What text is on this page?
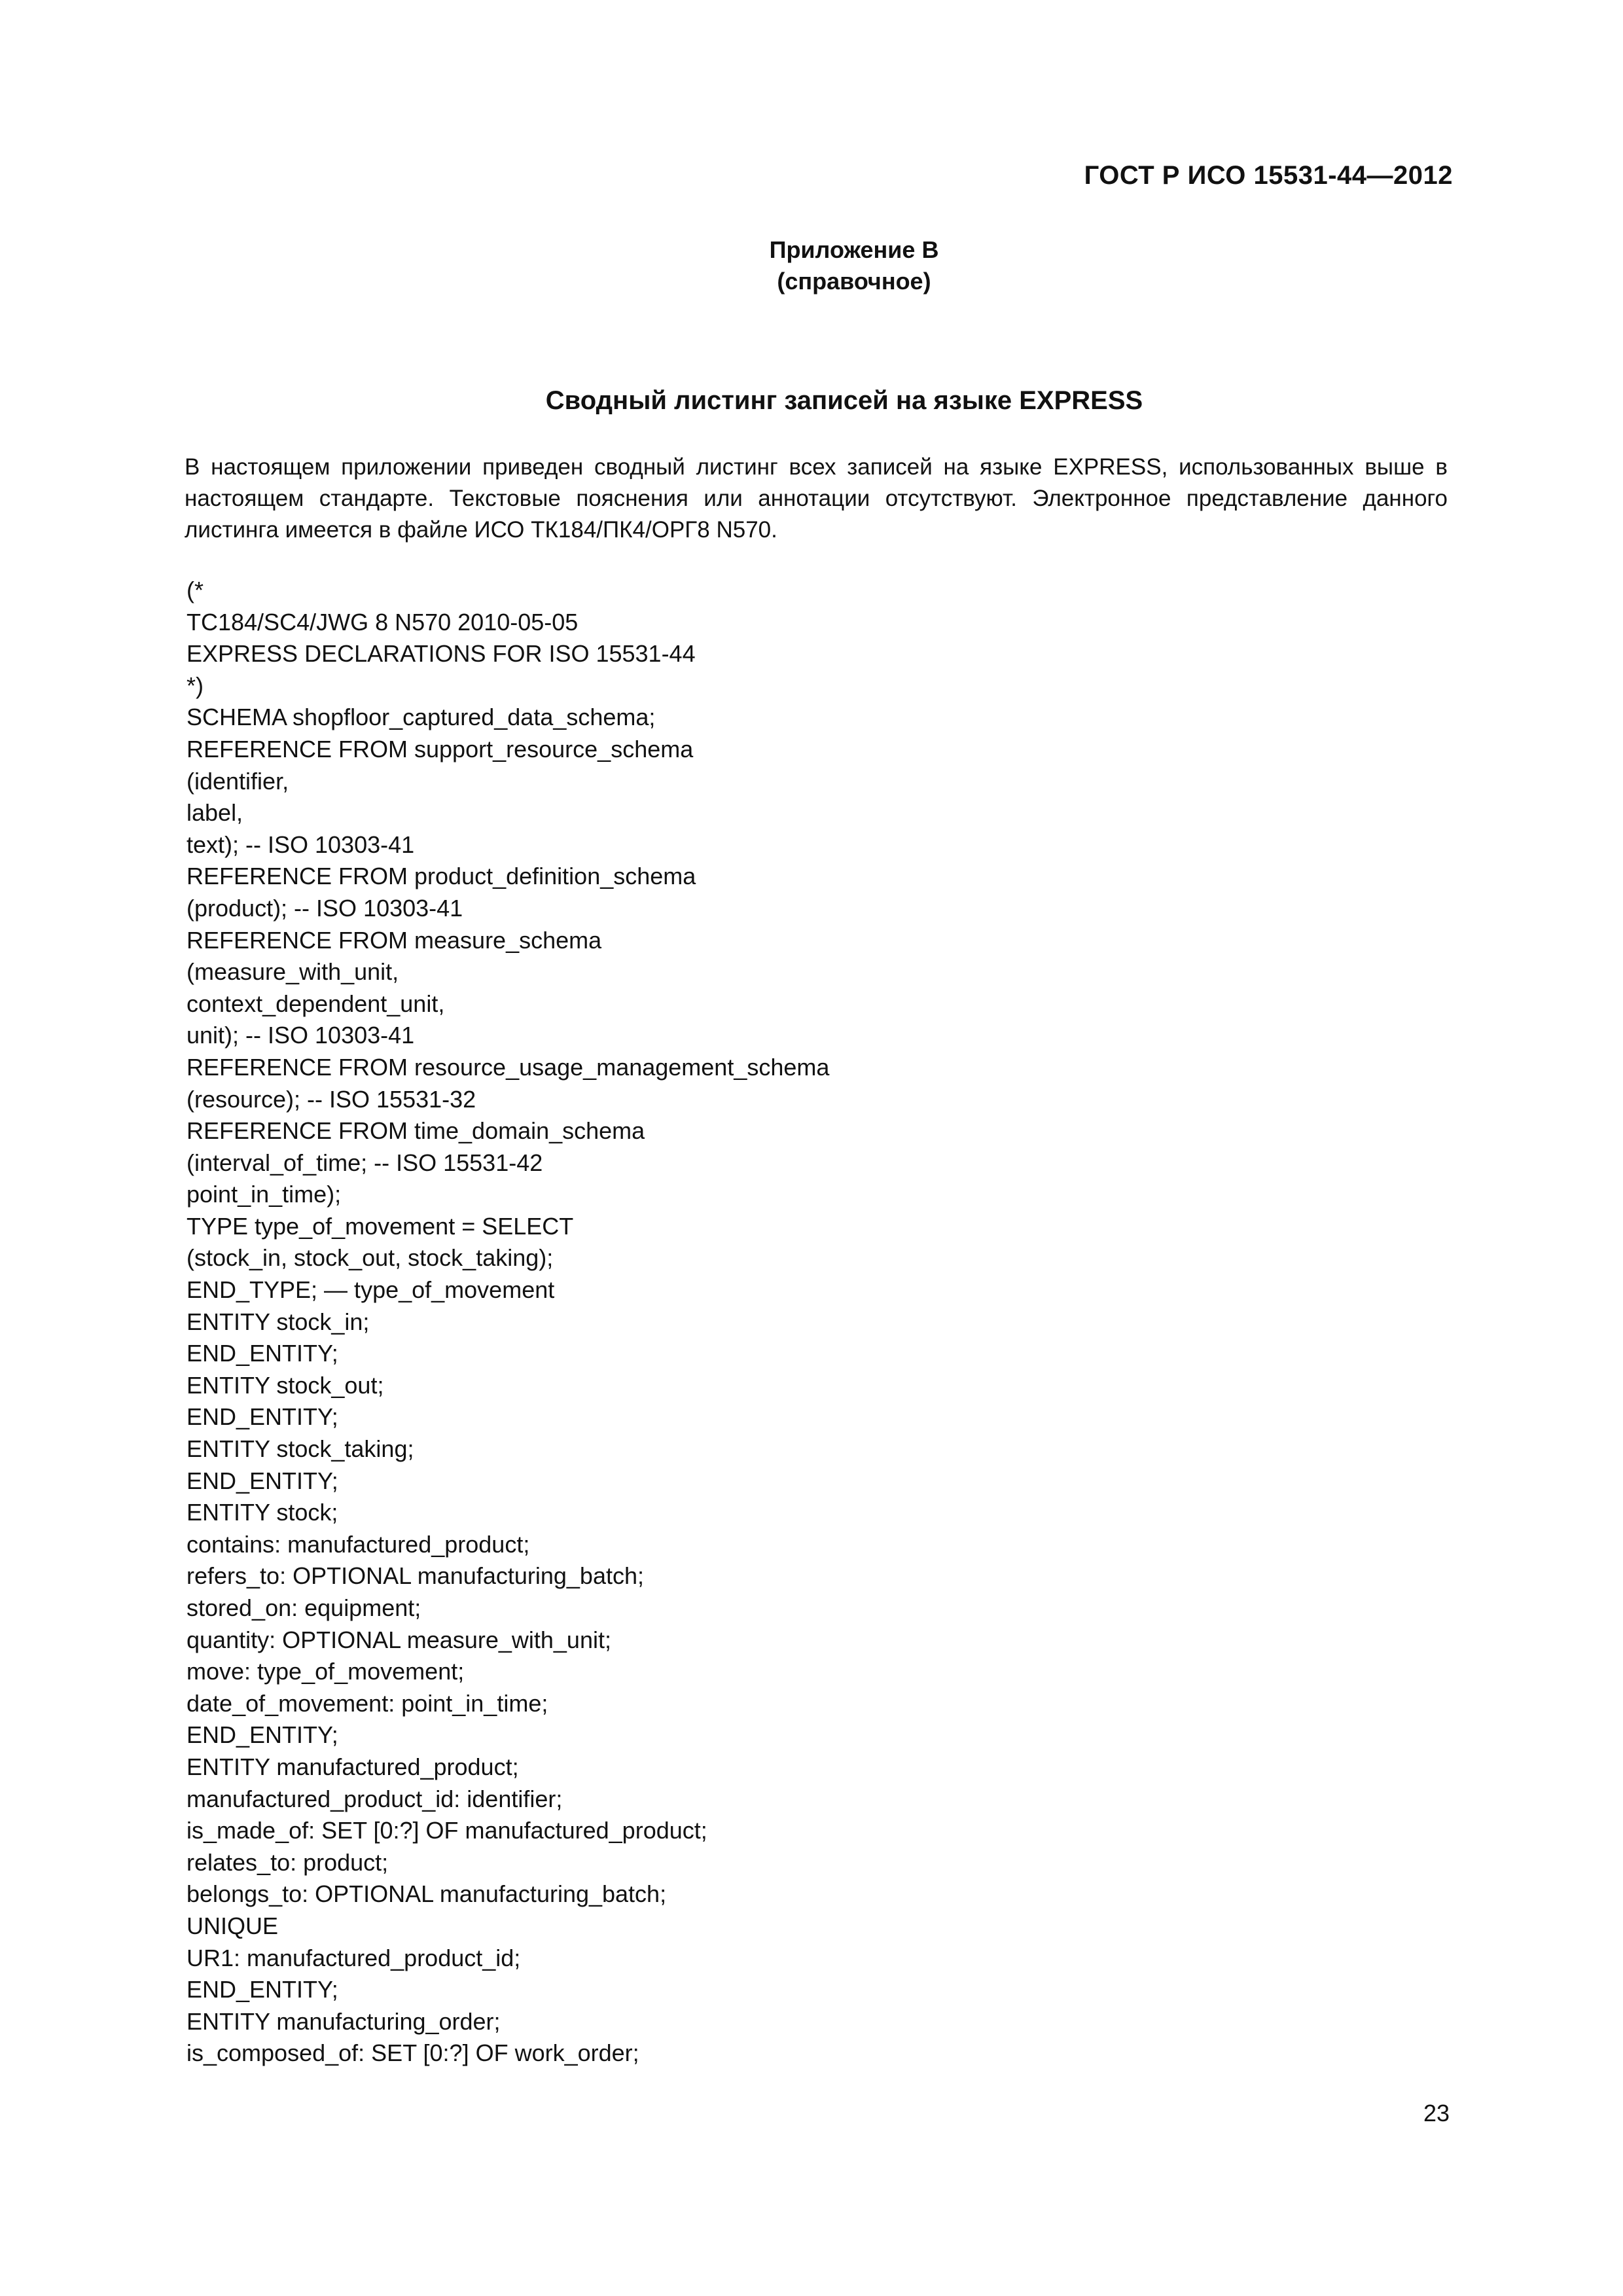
ГОСТ Р ИСО 15531-44—2012
Приложение В
(справочное)
Сводный листинг записей на языке EXPRESS
В настоящем приложении приведен сводный листинг всех записей на языке EXPRESS, использованных выше в настоящем стандарте. Текстовые пояснения или аннотации отсутствуют. Электронное представление данного листинга имеется в файле ИСО ТК184/ПК4/ОРГ8 N570.
(*
TC184/SC4/JWG 8 N570 2010-05-05
EXPRESS DECLARATIONS FOR ISO 15531-44
*)
SCHEMA shopfloor_captured_data_schema;
REFERENCE FROM support_resource_schema
(identifier,
label,
text); -- ISO 10303-41
REFERENCE FROM product_definition_schema
(product); -- ISO 10303-41
REFERENCE FROM measure_schema
(measure_with_unit,
context_dependent_unit,
unit); -- ISO 10303-41
REFERENCE FROM resource_usage_management_schema
(resource); -- ISO 15531-32
REFERENCE FROM time_domain_schema
(interval_of_time; -- ISO 15531-42
point_in_time);
TYPE type_of_movement = SELECT
(stock_in, stock_out, stock_taking);
END_TYPE; — type_of_movement
ENTITY stock_in;
END_ENTITY;
ENTITY stock_out;
END_ENTITY;
ENTITY stock_taking;
END_ENTITY;
ENTITY stock;
contains: manufactured_product;
refers_to: OPTIONAL manufacturing_batch;
stored_on: equipment;
quantity: OPTIONAL measure_with_unit;
move: type_of_movement;
date_of_movement: point_in_time;
END_ENTITY;
ENTITY manufactured_product;
manufactured_product_id: identifier;
is_made_of: SET [0:?] OF manufactured_product;
relates_to: product;
belongs_to: OPTIONAL manufacturing_batch;
UNIQUE
UR1: manufactured_product_id;
END_ENTITY;
ENTITY manufacturing_order;
is_composed_of: SET [0:?] OF work_order;
23
